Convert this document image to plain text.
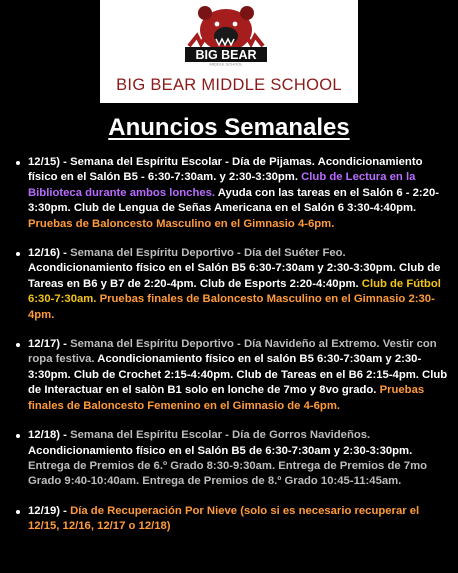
BIG BEAR
MIDDLE SCHOOL
BIG BEAR MIDDLE SCHOOL
Anuncios Semanales
12/15) - Semana del Espíritu Escolar - Día de Pijamas. Acondicionamiento físico en el Salón B5 - 6:30-7:30am. y 2:30-3:30pm. Club de Lectura en la Biblioteca durante ambos lonches. Ayuda con las tareas en el Salón 6 - 2:20-3:30pm. Club de Lengua de Señas Americana en el Salón 6 3:30-4:40pm. Pruebas de Baloncesto Masculino en el Gimnasio 4-6pm.
12/16) - Semana del Espíritu Deportivo - Día del Suéter Feo. Acondicionamiento físico en el Salón B5 6:30-7:30am y 2:30-3:30pm. Club de Tareas en B6 y B7 de 2:20-4pm. Club de Esports 2:20-4:40pm. Club de Fútbol 6:30-7:30am. Pruebas finales de Baloncesto Masculino en el Gimnasio 2:30-4pm.
12/17) - Semana del Espíritu Deportivo - Día Navideño al Extremo. Vestir con ropa festiva. Acondicionamiento físico en el salón B5 6:30-7:30am y 2:30-3:30pm. Club de Crochet 2:15-4:40pm. Club de Tareas en el B6 2:15-4pm. Club de Interactuar en el salòn B1 solo en lonche de 7mo y 8vo grado. Pruebas finales de Baloncesto Femenino en el Gimnasio de 4-6pm.
12/18) - Semana del Espíritu Escolar - Día de Gorros Navideños. Acondicionamiento físico en el Salón B5 de 6:30-7:30am y 2:30-3:30pm. Entrega de Premios de 6.º Grado 8:30-9:30am. Entrega de Premios de 7mo Grado 9:40-10:40am. Entrega de Premios de 8.º Grado 10:45-11:45am.
12/19) - Día de Recuperación Por Nieve (solo si es necesario recuperar el 12/15, 12/16, 12/17 o 12/18)
